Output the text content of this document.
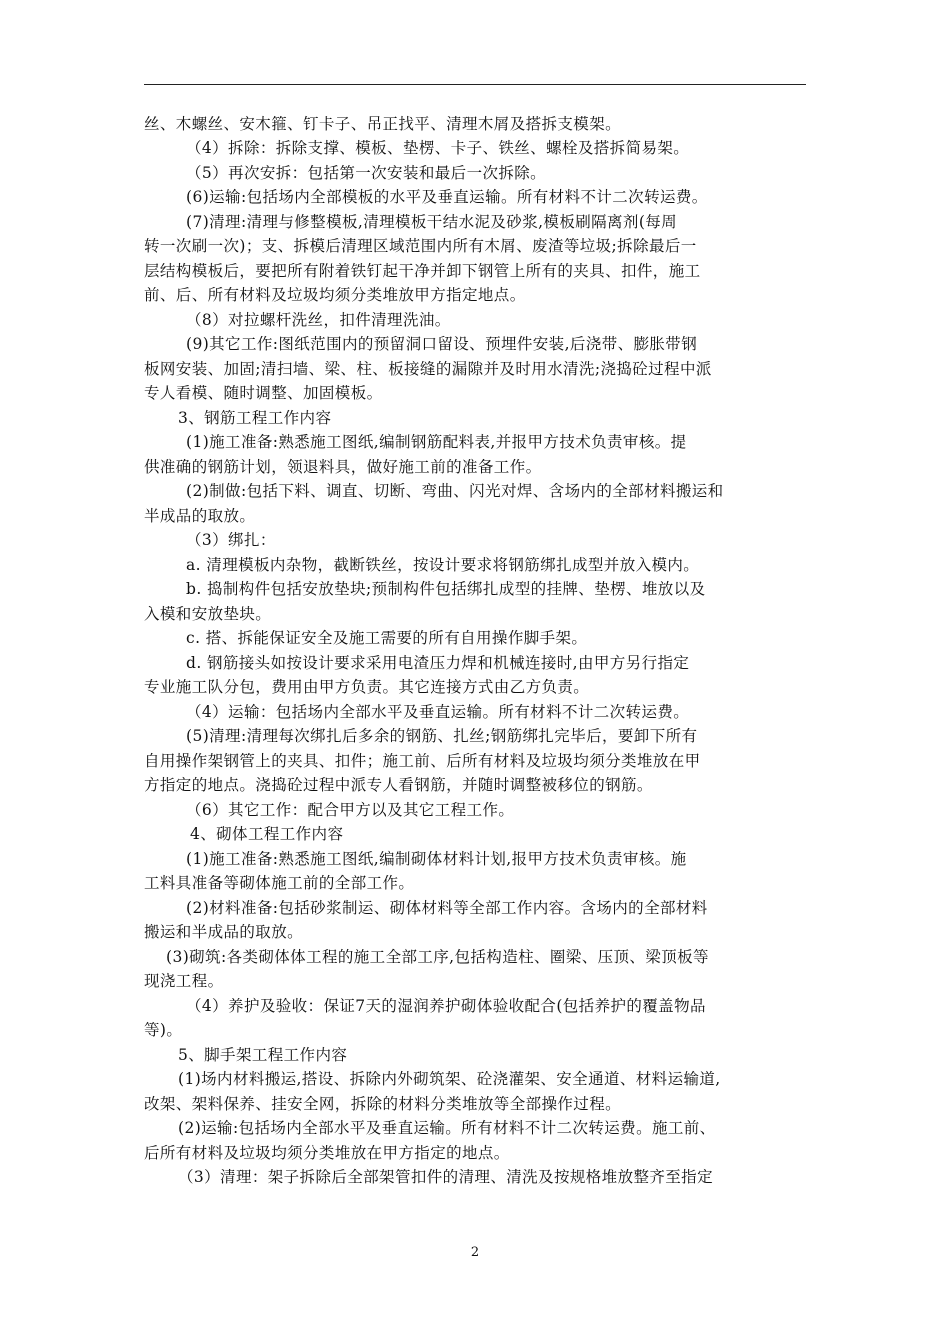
丝、木螺丝、安木箍、钉卡子、吊正找平、清理木屑及搭拆支模架。
（4）拆除：拆除支撑、模板、垫楞、卡子、铁丝、螺栓及搭拆简易架。
（5）再次安拆：包括第一次安装和最后一次拆除。
(6)运输:包括场内全部模板的水平及垂直运输。所有材料不计二次转运费。
(7)清理:清理与修整模板,清理模板干结水泥及砂浆,模板刷隔离剂(每周
转一次刷一次)；支、拆模后清理区域范围内所有木屑、废渣等垃圾;拆除最后一
层结构模板后，要把所有附着铁钉起干净并卸下钢管上所有的夹具、扣件，施工
前、后、所有材料及垃圾均须分类堆放甲方指定地点。
（8）对拉螺杆洗丝，扣件清理洗油。
(9)其它工作:图纸范围内的预留洞口留设、预埋件安装,后浇带、膨胀带钢
板网安装、加固;清扫墙、梁、柱、板接缝的漏隙并及时用水清洗;浇捣砼过程中派
专人看模、随时调整、加固模板。
3、钢筋工程工作内容
(1)施工准备:熟悉施工图纸,编制钢筋配料表,并报甲方技术负责审核。提
供准确的钢筋计划，领退料具，做好施工前的准备工作。
(2)制做:包括下料、调直、切断、弯曲、闪光对焊、含场内的全部材料搬运和
半成品的取放。
（3）绑扎：
a. 清理模板内杂物，截断铁丝，按设计要求将钢筋绑扎成型并放入模内。
b. 捣制构件包括安放垫块;预制构件包括绑扎成型的挂牌、垫楞、堆放以及
入模和安放垫块。
c. 搭、拆能保证安全及施工需要的所有自用操作脚手架。
d. 钢筋接头如按设计要求采用电渣压力焊和机械连接时,由甲方另行指定
专业施工队分包，费用由甲方负责。其它连接方式由乙方负责。
（4）运输：包括场内全部水平及垂直运输。所有材料不计二次转运费。
(5)清理:清理每次绑扎后多余的钢筋、扎丝;钢筋绑扎完毕后，要卸下所有
自用操作架钢管上的夹具、扣件；施工前、后所有材料及垃圾均须分类堆放在甲
方指定的地点。浇捣砼过程中派专人看钢筋，并随时调整被移位的钢筋。
（6）其它工作：配合甲方以及其它工程工作。
4、砌体工程工作内容
(1)施工准备:熟悉施工图纸,编制砌体材料计划,报甲方技术负责审核。施
工料具准备等砌体施工前的全部工作。
(2)材料准备:包括砂浆制运、砌体材料等全部工作内容。含场内的全部材料
搬运和半成品的取放。
(3)砌筑:各类砌体体工程的施工全部工序,包括构造柱、圈梁、压顶、梁顶板等
现浇工程。
（4）养护及验收：保证7天的湿润养护砌体验收配合(包括养护的覆盖物品
等)。
5、脚手架工程工作内容
(1)场内材料搬运,搭设、拆除内外砌筑架、砼浇灌架、安全通道、材料运输道,
改架、架料保养、挂安全网，拆除的材料分类堆放等全部操作过程。
(2)运输:包括场内全部水平及垂直运输。所有材料不计二次转运费。施工前、
后所有材料及垃圾均须分类堆放在甲方指定的地点。
（3）清理：架子拆除后全部架管扣件的清理、清洗及按规格堆放整齐至指定
2
